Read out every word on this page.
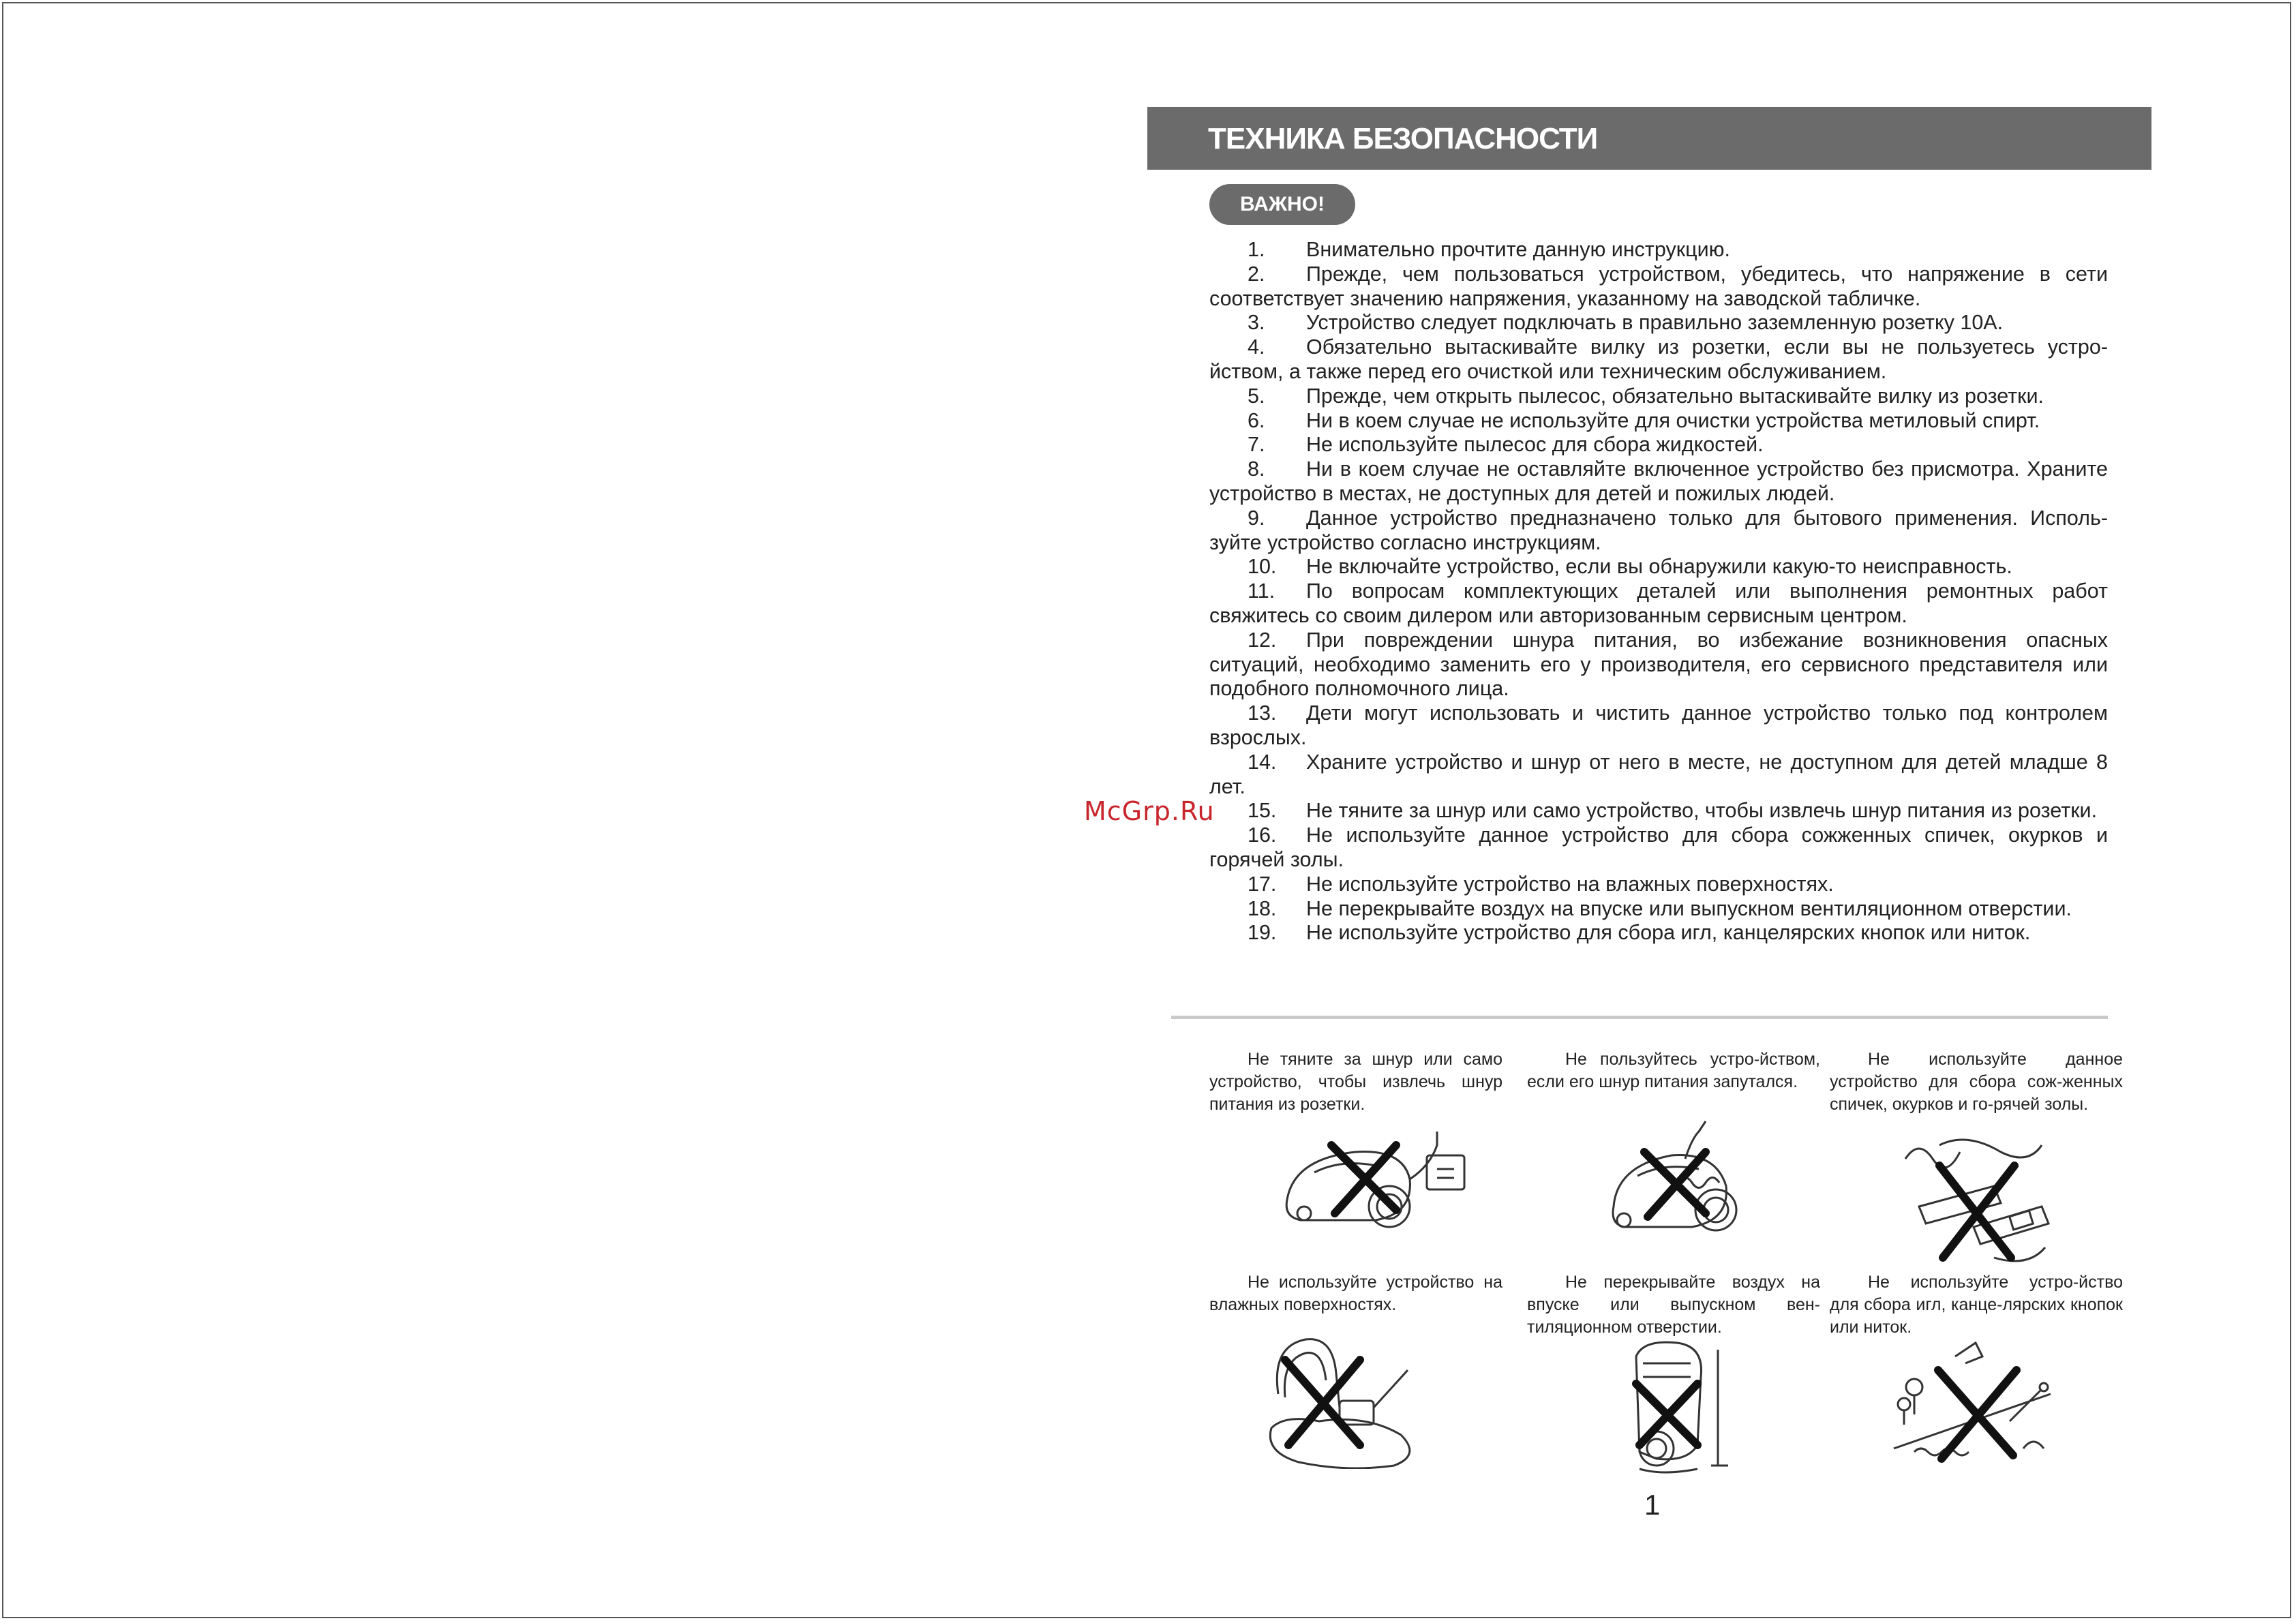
ТЕХНИКА БЕЗОПАСНОСТИ
ВАЖНО!

1. Внимательно прочтите данную инструкцию.

2. Прежде, чем пользоваться устройством, убедитесь, что напряжение в сети соответствует значению напряжения, указанному на заводской табличке.

3. Устройство следует подключать в правильно заземленную розетку 10А.

4. Обязательно вытаскивайте вилку из розетки, если вы не пользуетесь устро-йством, а также перед его очисткой или техническим обслуживанием.

5. Прежде, чем открыть пылесос, обязательно вытаскивайте вилку из розетки.

6. Ни в коем случае не используйте для очистки устройства метиловый спирт.

7. Не используйте пылесос для сбора жидкостей.

8. Ни в коем случае не оставляйте включенное устройство без присмотра. Храните устройство в местах, не доступных для детей и пожилых людей.

9. Данное устройство предназначено только для бытового применения. Исполь-зуйте устройство согласно инструкциям.

10. Не включайте устройство, если вы обнаружили какую-то неисправность.

11. По вопросам комплектующих деталей или выполнения ремонтных работ свяжитесь со своим дилером или авторизованным сервисным центром.

12. При повреждении шнура питания, во избежание возникновения опасных ситуаций, необходимо заменить его у производителя, его сервисного представителя или подобного полномочного лица.

13. Дети могут использовать и чистить данное устройство только под контролем взрослых.

14. Храните устройство и шнур от него в месте, не доступном для детей младше 8 лет.

15. Не тяните за шнур или само устройство, чтобы извлечь шнур питания из розетки.

16. Не используйте данное устройство для сбора сожженных спичек, окурков и горячей золы.

17. Не используйте устройство на влажных поверхностях.

18. Не перекрывайте воздух на впуске или выпускном вентиляционном отверстии.

19. Не используйте устройство для сбора игл, канцелярских кнопок или ниток.

McGrp.Ru
Не тяните за шнур или само устройство, чтобы извлечь шнур питания из розетки.
Не пользуйтесь устро-йством, если его шнур питания запутался.
Не используйте данное устройство для сбора сож-женных спичек, окурков и го-рячей золы.
Не используйте устройство на влажных поверхностях.
Не перекрывайте воздух на впуске или выпускном вен-тиляционном отверстии.
Не используйте устро-йство для сбора игл, канце-лярских кнопок или ниток.
1
